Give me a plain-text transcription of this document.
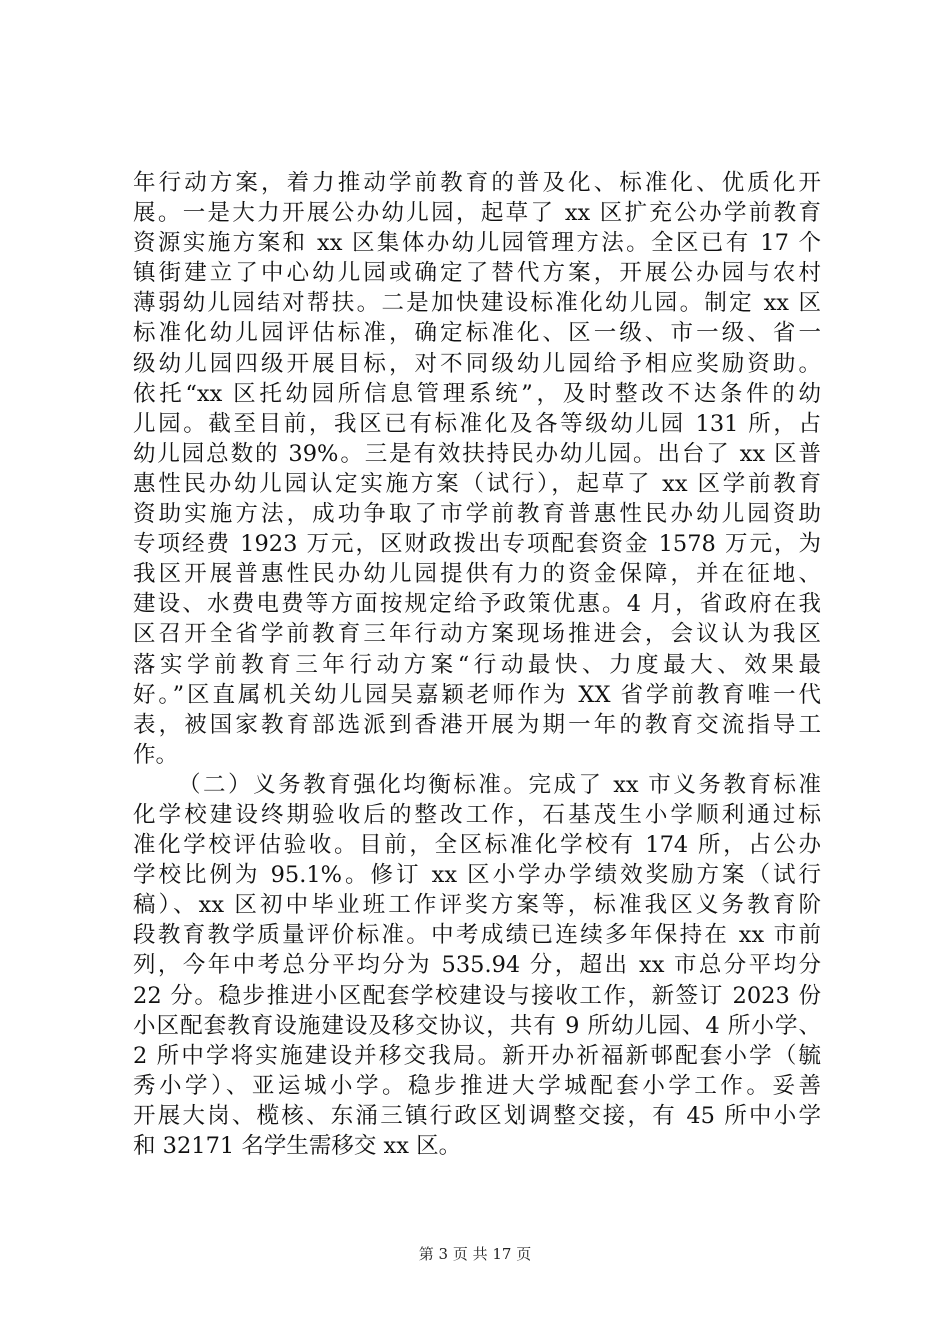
年行动方案，着力推动学前教育的普及化、标准化、优质化开
展。一是大力开展公办幼儿园，起草了 xx 区扩充公办学前教育
资源实施方案和 xx 区集体办幼儿园管理方法。全区已有 17 个
镇街建立了中心幼儿园或确定了替代方案，开展公办园与农村
薄弱幼儿园结对帮扶。二是加快建设标准化幼儿园。制定 xx 区
标准化幼儿园评估标准，确定标准化、区一级、市一级、省一
级幼儿园四级开展目标，对不同级幼儿园给予相应奖励资助。
依托“xx 区托幼园所信息管理系统”，及时整改不达条件的幼
儿园。截至目前，我区已有标准化及各等级幼儿园 131 所，占
幼儿园总数的 39%。三是有效扶持民办幼儿园。出台了 xx 区普
惠性民办幼儿园认定实施方案（试行），起草了 xx 区学前教育
资助实施方法，成功争取了市学前教育普惠性民办幼儿园资助
专项经费 1923 万元，区财政拨出专项配套资金 1578 万元，为
我区开展普惠性民办幼儿园提供有力的资金保障，并在征地、
建设、水费电费等方面按规定给予政策优惠。4 月，省政府在我
区召开全省学前教育三年行动方案现场推进会，会议认为我区
落实学前教育三年行动方案“行动最快、力度最大、效果最
好。”区直属机关幼儿园吴嘉颖老师作为 XX 省学前教育唯一代
表，被国家教育部选派到香港开展为期一年的教育交流指导工
作。
（二）义务教育强化均衡标准。完成了 xx 市义务教育标准
化学校建设终期验收后的整改工作，石基茂生小学顺利通过标
准化学校评估验收。目前，全区标准化学校有 174 所，占公办
学校比例为 95.1%。修订 xx 区小学办学绩效奖励方案（试行
稿）、xx 区初中毕业班工作评奖方案等，标准我区义务教育阶
段教育教学质量评价标准。中考成绩已连续多年保持在 xx 市前
列，今年中考总分平均分为 535.94 分，超出 xx 市总分平均分
22 分。稳步推进小区配套学校建设与接收工作，新签订 2023 份
小区配套教育设施建设及移交协议，共有 9 所幼儿园、4 所小学、
2 所中学将实施建设并移交我局。新开办祈福新邨配套小学（毓
秀小学）、亚运城小学。稳步推进大学城配套小学工作。妥善
开展大岗、榄核、东涌三镇行政区划调整交接，有 45 所中小学
和 32171 名学生需移交 xx 区。
第 3 页 共 17 页
